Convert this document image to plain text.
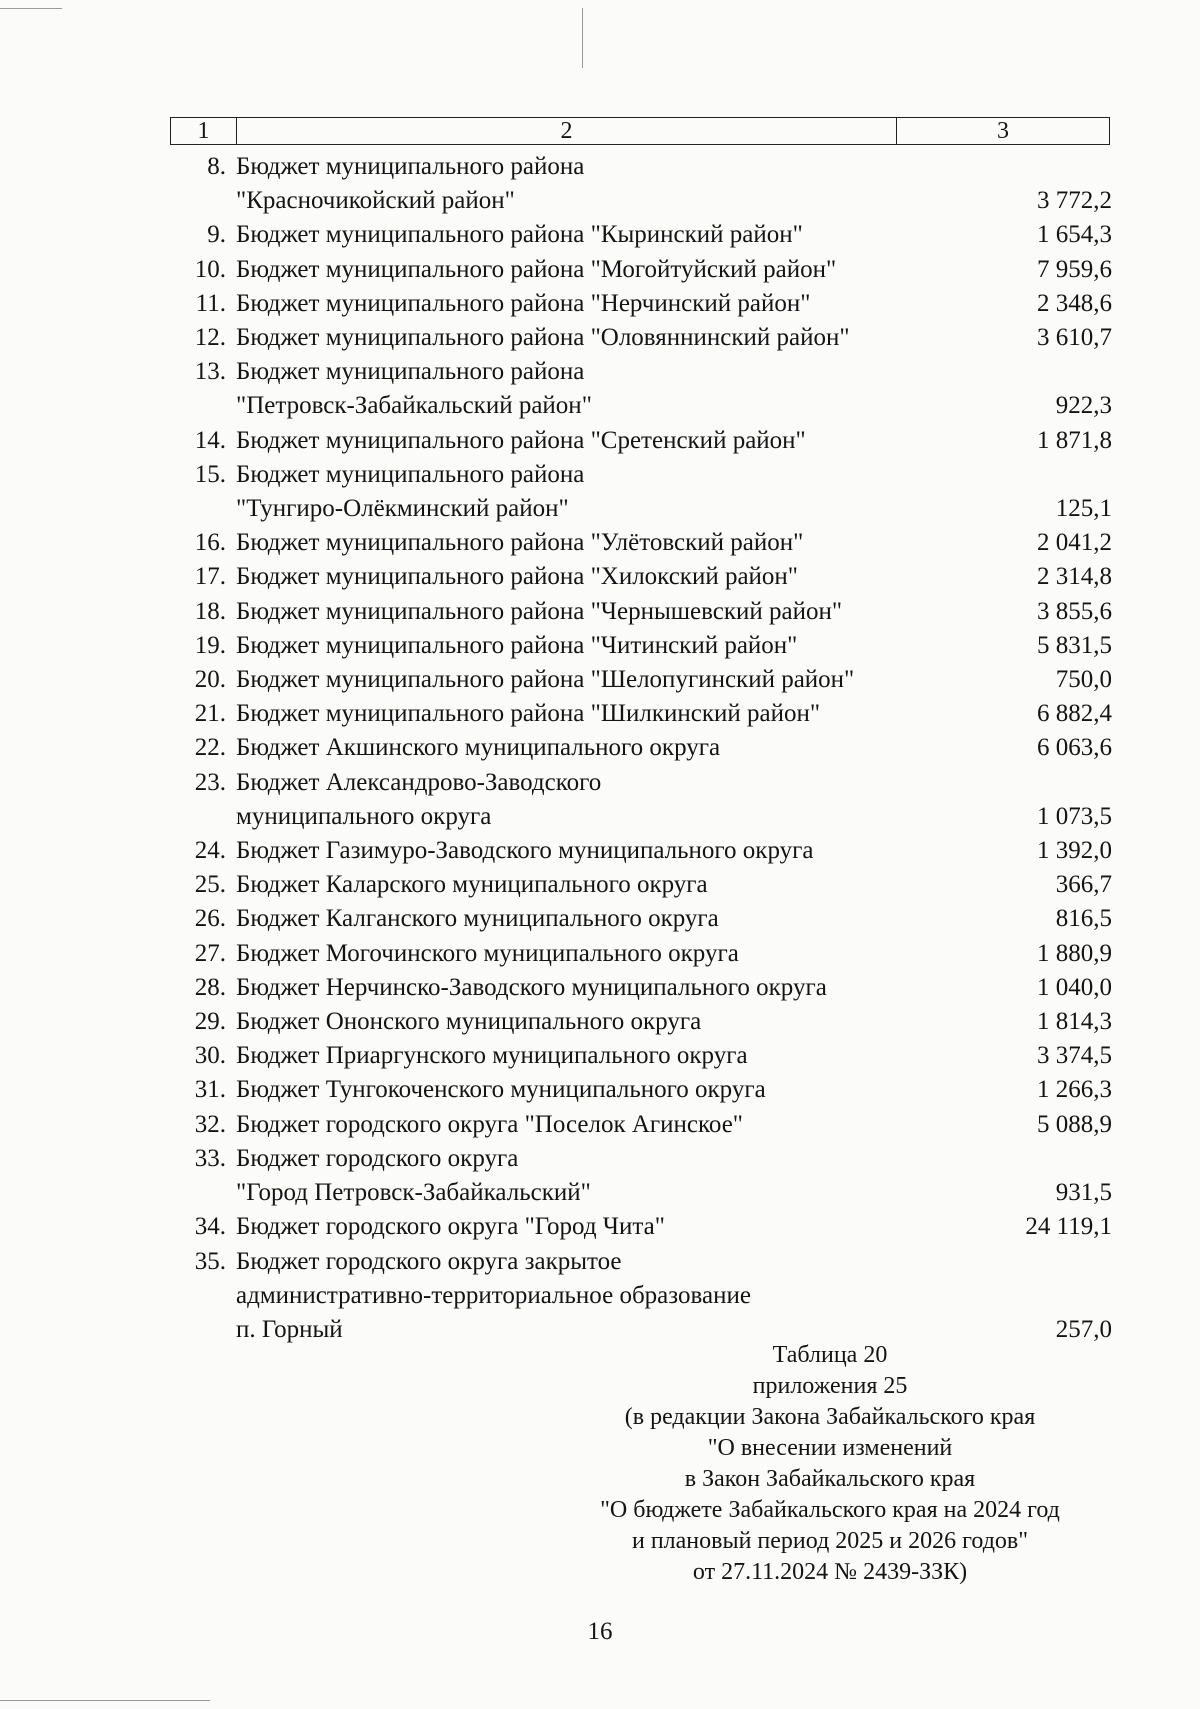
1	2	3
8. Бюджет муниципального района
"Красночикойский район"	3 772,2
9. Бюджет муниципального района "Кыринский район"	1 654,3
10. Бюджет муниципального района "Могойтуйский район"	7 959,6
11. Бюджет муниципального района "Нерчинский район"	2 348,6
12. Бюджет муниципального района "Оловяннинский район"	3 610,7
13. Бюджет муниципального района
"Петровск-Забайкальский район"	922,3
14. Бюджет муниципального района "Сретенский район"	1 871,8
15. Бюджет муниципального района
"Тунгиро-Олёкминский район"	125,1
16. Бюджет муниципального района "Улётовский район"	2 041,2
17. Бюджет муниципального района "Хилокский район"	2 314,8
18. Бюджет муниципального района "Чернышевский район"	3 855,6
19. Бюджет муниципального района "Читинский район"	5 831,5
20. Бюджет муниципального района "Шелопугинский район"	750,0
21. Бюджет муниципального района "Шилкинский район"	6 882,4
22. Бюджет Акшинского муниципального округа	6 063,6
23. Бюджет Александрово-Заводского
муниципального округа	1 073,5
24. Бюджет Газимуро-Заводского муниципального округа	1 392,0
25. Бюджет Каларского муниципального округа	366,7
26. Бюджет Калганского муниципального округа	816,5
27. Бюджет Могочинского муниципального округа	1 880,9
28. Бюджет Нерчинско-Заводского муниципального округа	1 040,0
29. Бюджет Ононского муниципального округа	1 814,3
30. Бюджет Приаргунского муниципального округа	3 374,5
31. Бюджет Тунгокоченского муниципального округа	1 266,3
32. Бюджет городского округа "Поселок Агинское"	5 088,9
33. Бюджет городского округа
"Город Петровск-Забайкальский"	931,5
34. Бюджет городского округа "Город Чита"	24 119,1
35. Бюджет городского округа закрытое
административно-территориальное образование
п. Горный	257,0
Таблица 20
приложения 25
(в редакции Закона Забайкальского края
"О внесении изменений
в Закон Забайкальского края
"О бюджете Забайкальского края на 2024 год
и плановый период 2025 и 2026 годов"
от 27.11.2024 № 2439-ЗЗК)
16
